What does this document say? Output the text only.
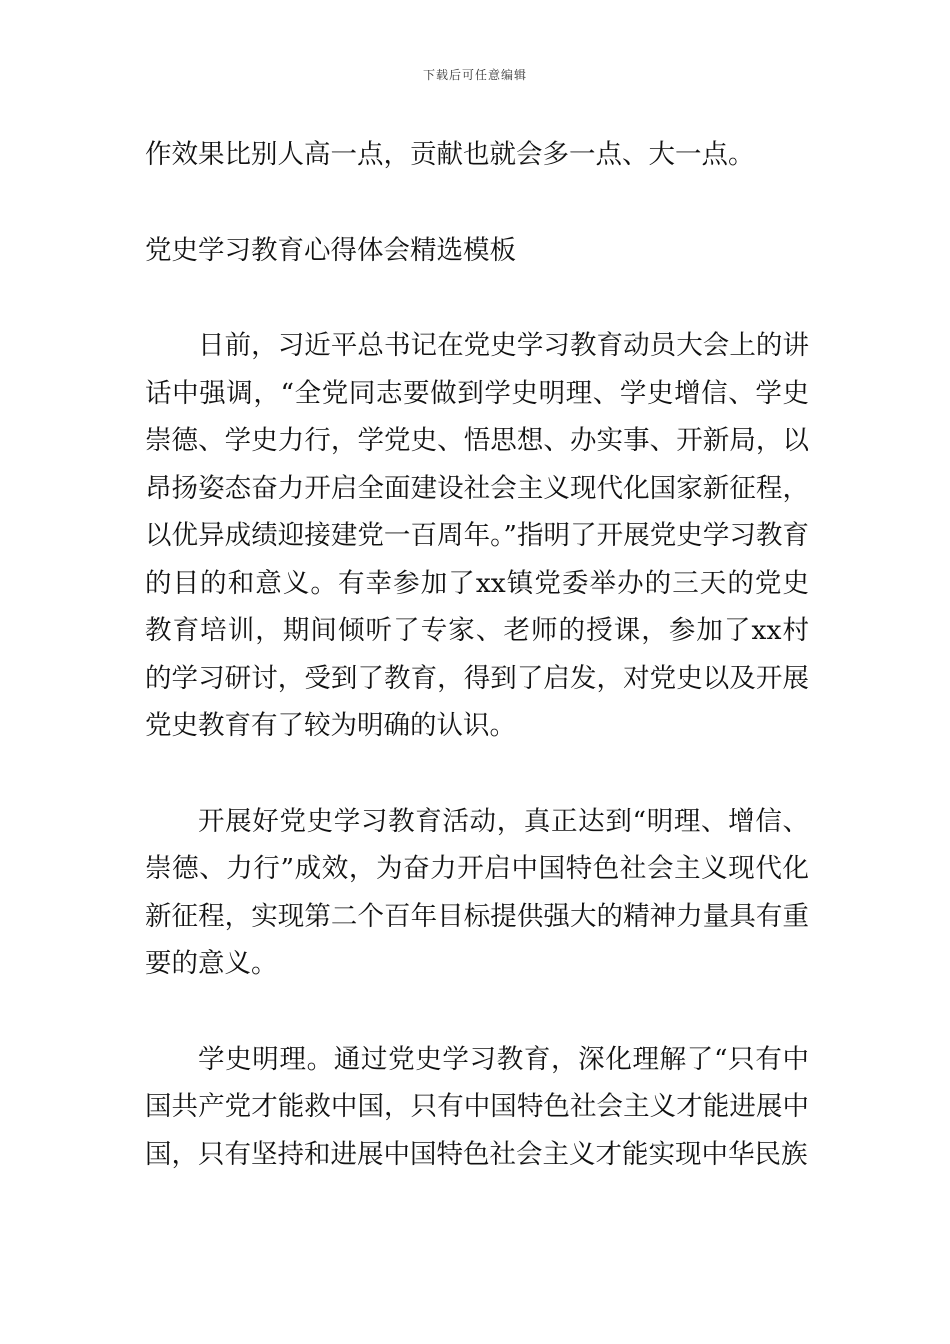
下载后可任意编辑

作效果比别人高一点，贡献也就会多一点、大一点。

党史学习教育心得体会精选模板

日前，习近平总书记在党史学习教育动员大会上的讲话中强调，“全党同志要做到学史明理、学史增信、学史崇德、学史力行，学党史、悟思想、办实事、开新局，以昂扬姿态奋力开启全面建设社会主义现代化国家新征程，以优异成绩迎接建党一百周年。”指明了开展党史学习教育的目的和意义。有幸参加了xx镇党委举办的三天的党史教育培训，期间倾听了专家、老师的授课，参加了xx村的学习研讨，受到了教育，得到了启发，对党史以及开展党史教育有了较为明确的认识。

开展好党史学习教育活动，真正达到“明理、增信、崇德、力行”成效，为奋力开启中国特色社会主义现代化新征程，实现第二个百年目标提供强大的精神力量具有重要的意义。

学史明理。通过党史学习教育，深化理解了“只有中国共产党才能救中国，只有中国特色社会主义才能进展中国，只有坚持和进展中国特色社会主义才能实现中华民族
